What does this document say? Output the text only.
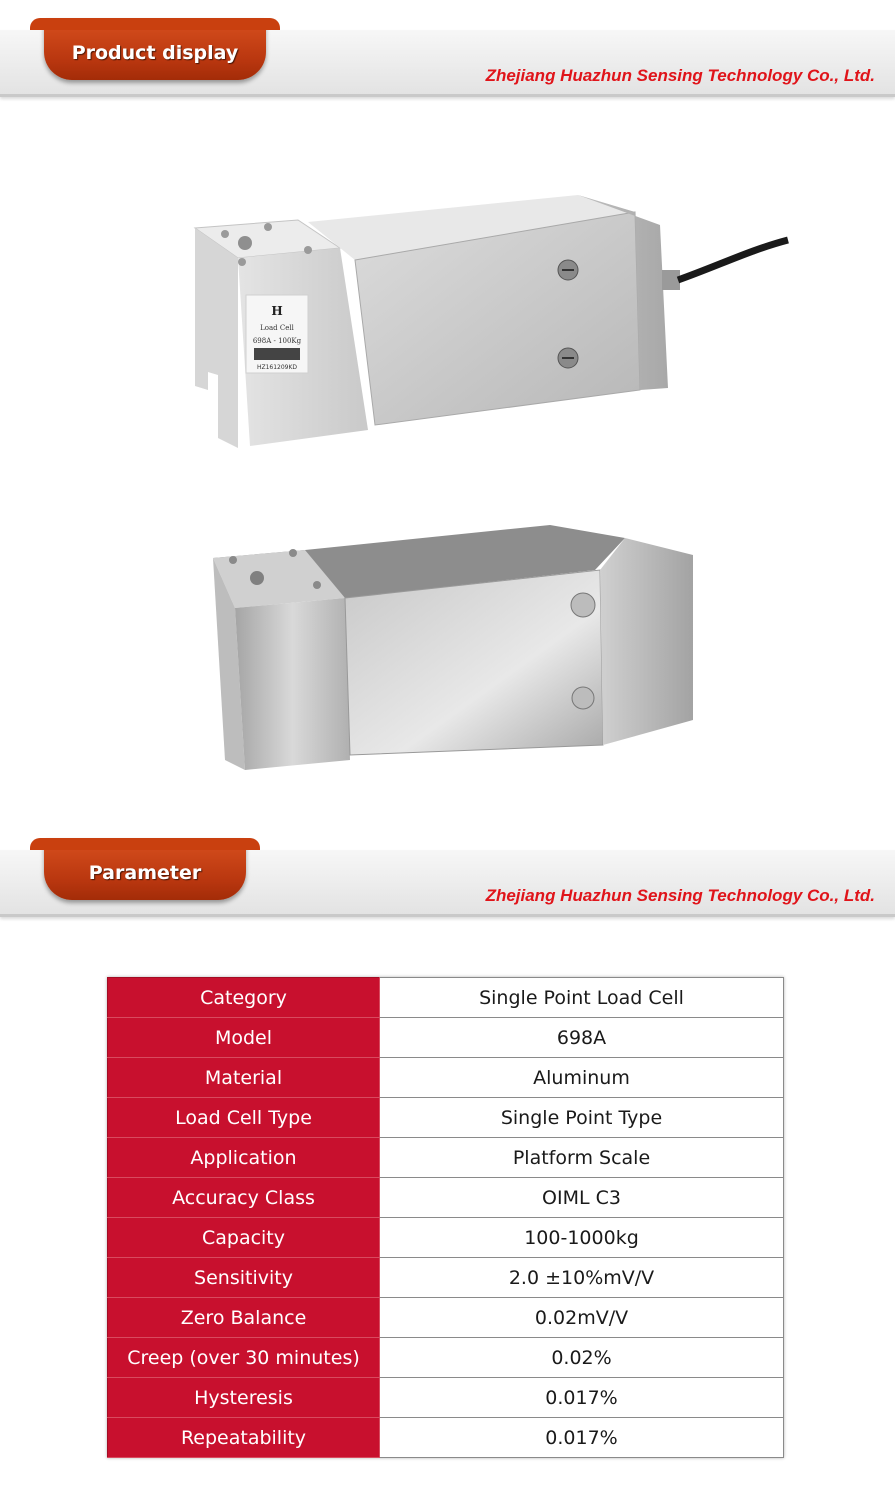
Product display
Zhejiang Huazhun Sensing Technology Co., Ltd.
H
Load Cell
698A - 100Kg
HZ161209KD
Parameter
Zhejiang Huazhun Sensing Technology Co., Ltd.
Category	Single Point Load Cell
Model	698A
Material	Aluminum
Load Cell Type	Single Point Type
Application	Platform Scale
Accuracy Class	OIML C3
Capacity	100-1000kg
Sensitivity	2.0 ±10%mV/V
Zero Balance	0.02mV/V
Creep (over 30 minutes)	0.02%
Hysteresis	0.017%
Repeatability	0.017%
